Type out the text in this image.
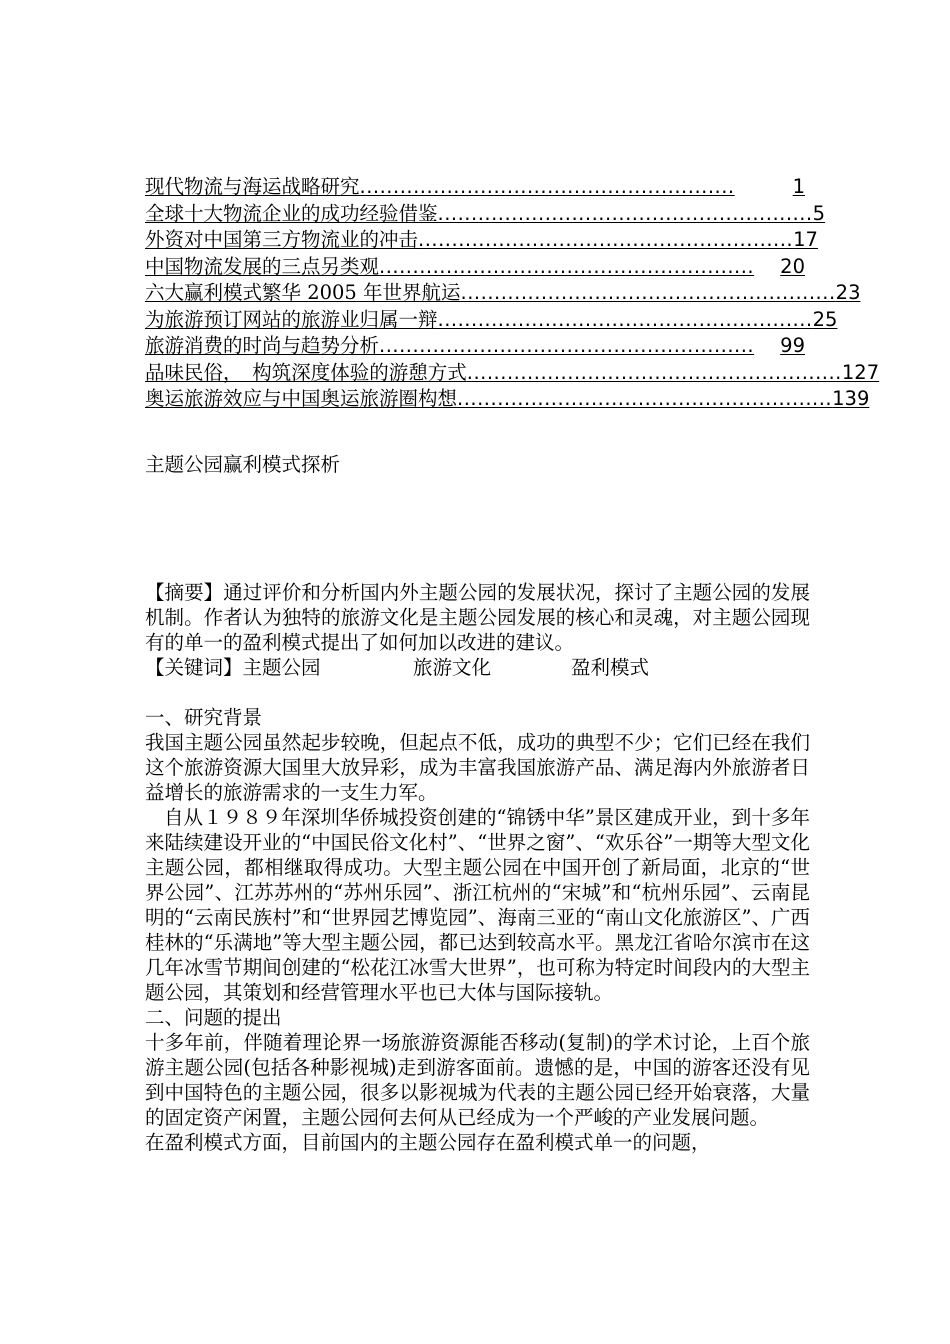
现代物流与海运战略研究 ........................................................	1
全球十大物流企业的成功经验借鉴 ........................................................ 5
外资对中国第三方物流业的冲击 ........................................................ 17
中国物流发展的三点另类观 ........................................................	20
六大赢利模式繁华 2005 年世界航运 ........................................................ 23
为旅游预订网站的旅游业归属一辩 ........................................................ 25
旅游消费的时尚与趋势分析 ........................................................	99
品味民俗，　构筑深度体验的游憩方式 ........................................................ 127
奥运旅游效应与中国奥运旅游圈构想 ........................................................ 139
主题公园赢利模式探析

【摘要】通过评价和分析国内外主题公园的发展状况，探讨了主题公园的发展机制。作者认为独特的旅游文化是主题公园发展的核心和灵魂，对主题公园现有的单一的盈利模式提出了如何加以改进的建议。

【关键词】主题公园	旅游文化	盈利模式

一、研究背景

我国主题公园虽然起步较晚，但起点不低，成功的典型不少；它们已经在我们这个旅游资源大国里大放异彩，成为丰富我国旅游产品、满足海内外旅游者日益增长的旅游需求的一支生力军。

自从１９８９年深圳华侨城投资创建的“锦锈中华”景区建成开业，到十多年来陆续建设开业的“中国民俗文化村”、“世界之窗”、“欢乐谷”一期等大型文化主题公园，都相继取得成功。大型主题公园在中国开创了新局面，北京的“世界公园”、江苏苏州的“苏州乐园”、浙江杭州的“宋城”和“杭州乐园”、云南昆明的“云南民族村”和“世界园艺博览园”、海南三亚的“南山文化旅游区”、广西桂林的“乐满地”等大型主题公园，都已达到较高水平。黑龙江省哈尔滨市在这几年冰雪节期间创建的“松花江冰雪大世界”，也可称为特定时间段内的大型主题公园，其策划和经营管理水平也已大体与国际接轨。

二、问题的提出

十多年前，伴随着理论界一场旅游资源能否移动(复制)的学术讨论，上百个旅游主题公园(包括各种影视城)走到游客面前。遗憾的是，中国的游客还没有见到中国特色的主题公园，很多以影视城为代表的主题公园已经开始衰落，大量的固定资产闲置，主题公园何去何从已经成为一个严峻的产业发展问题。

在盈利模式方面，目前国内的主题公园存在盈利模式单一的问题，
